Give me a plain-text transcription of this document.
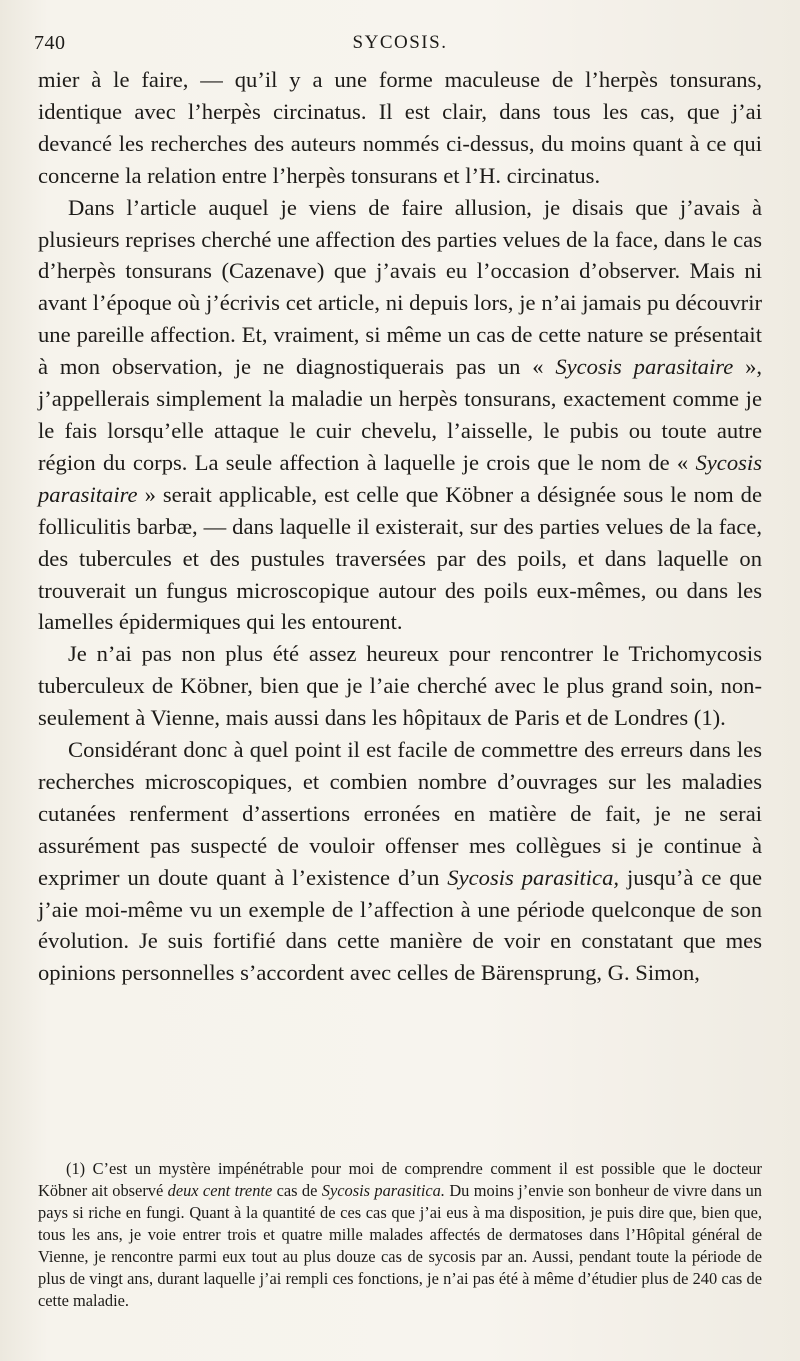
740	SYCOSIS.

mier à le faire, — qu’il y a une forme maculeuse de l’herpès tonsurans, identique avec l’herpès circinatus. Il est clair, dans tous les cas, que j’ai devancé les recherches des auteurs nommés ci-dessus, du moins quant à ce qui concerne la relation entre l’herpès tonsurans et l’H. circinatus.

Dans l’article auquel je viens de faire allusion, je disais que j’avais à plusieurs reprises cherché une affection des parties velues de la face, dans le cas d’herpès tonsurans (Cazenave) que j’avais eu l’occasion d’observer. Mais ni avant l’époque où j’écrivis cet article, ni depuis lors, je n’ai jamais pu découvrir une pareille affection. Et, vraiment, si même un cas de cette nature se présentait à mon observation, je ne diagnostiquerais pas un « Sycosis parasitaire », j’appellerais simplement la maladie un herpès tonsurans, exactement comme je le fais lorsqu’elle attaque le cuir chevelu, l’aisselle, le pubis ou toute autre région du corps. La seule affection à laquelle je crois que le nom de « Sycosis parasitaire » serait applicable, est celle que Köbner a désignée sous le nom de folliculitis barbæ, — dans laquelle il existerait, sur des parties velues de la face, des tubercules et des pustules traversées par des poils, et dans laquelle on trouverait un fungus microscopique autour des poils eux-mêmes, ou dans les lamelles épidermiques qui les entourent.

Je n’ai pas non plus été assez heureux pour rencontrer le Trichomycosis tuberculeux de Köbner, bien que je l’aie cherché avec le plus grand soin, non-seulement à Vienne, mais aussi dans les hôpitaux de Paris et de Londres (1).

Considérant donc à quel point il est facile de commettre des erreurs dans les recherches microscopiques, et combien nombre d’ouvrages sur les maladies cutanées renferment d’assertions erronées en matière de fait, je ne serai assurément pas suspecté de vouloir offenser mes collègues si je continue à exprimer un doute quant à l’existence d’un Sycosis parasitica, jusqu’à ce que j’aie moi-même vu un exemple de l’affection à une période quelconque de son évolution. Je suis fortifié dans cette manière de voir en constatant que mes opinions personnelles s’accordent avec celles de Bärensprung, G. Simon,

(1) C’est un mystère impénétrable pour moi de comprendre comment il est possible que le docteur Köbner ait observé deux cent trente cas de Sycosis parasitica. Du moins j’envie son bonheur de vivre dans un pays si riche en fungi. Quant à la quantité de ces cas que j’ai eus à ma disposition, je puis dire que, bien que, tous les ans, je voie entrer trois et quatre mille malades affectés de dermatoses dans l’Hôpital général de Vienne, je rencontre parmi eux tout au plus douze cas de sycosis par an. Aussi, pendant toute la période de plus de vingt ans, durant laquelle j’ai rempli ces fonctions, je n’ai pas été à même d’étudier plus de 240 cas de cette maladie.
